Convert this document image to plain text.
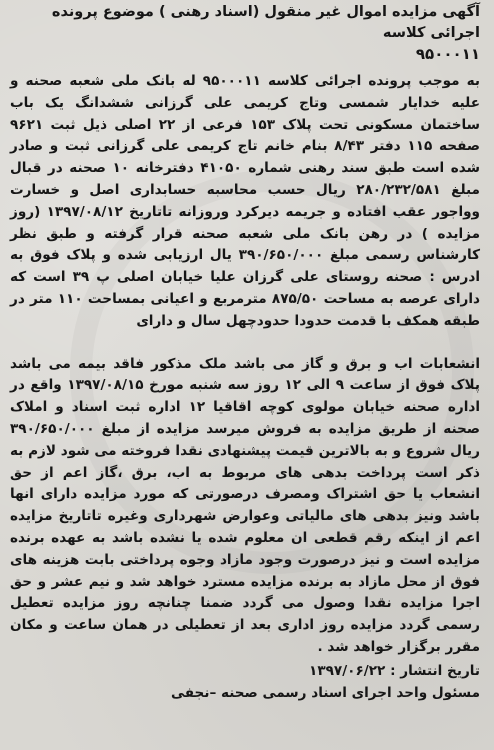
آگهی مزایده اموال غیر منقول (اسناد رهنی ) موضوع پرونده اجرائی کلاسه

۹۵۰۰۰۱۱

به موجب پرونده اجرائی کلاسه ۹۵۰۰۰۱۱ له بانک ملی شعبه صحنه و علیه خدایار شمسی وتاج کریمی علی گرزانی ششدانگ یک باب ساختمان مسکونی تحت پلاک ۱۵۳ فرعی از ۲۲ اصلی ذیل ثبت ۹۶۲۱ صفحه ۱۱۵ دفتر ۸/۴۳ بنام خانم تاج کریمی علی گرزانی ثبت و صادر شده است طبق سند رهنی شماره ۴۱۰۵۰ دفترخانه ۱۰ صحنه در قبال مبلغ ۲۸۰/۲۳۲/۵۸۱ ریال حسب محاسبه حسابداری اصل و خسارت وواجور عقب افتاده و جریمه دیرکرد وروزانه تاتاریخ ۱۳۹۷/۰۸/۱۲ (روز مزایده ) در رهن بانک ملی شعبه صحنه قرار گرفته و طبق نظر کارشناس رسمی مبلغ ۳۹۰/۶۵۰/۰۰۰ یال ارزیابی شده و پلاک فوق به ادرس : صحنه روستای علی گرزان علیا خیابان اصلی پ ۳۹ است که دارای عرصه به مساحت ۸۷۵/۵۰ مترمربع و اعیانی بمساحت ۱۱۰ متر در طبقه همکف با قدمت حدودا حدودچهل سال و دارای

انشعابات اب و برق و گاز می باشد ملک مذکور فاقد بیمه می باشد پلاک فوق از ساعت ۹ الی ۱۲ روز سه شنبه مورخ ۱۳۹۷/۰۸/۱۵ واقع در اداره صحنه خیابان مولوی کوچه اقاقیا ۱۲ اداره ثبت اسناد و املاک صحنه از طریق مزایده به فروش میرسد مزایده از مبلغ ۳۹۰/۶۵۰/۰۰۰ ریال شروع و به بالاترین قیمت پیشنهادی نقدا فروخته می شود لازم به ذکر است پرداخت بدهی های مربوط به اب، برق ،گاز اعم از حق انشعاب یا حق اشتراک ومصرف درصورتی که مورد مزایده دارای انها باشد ونیز بدهی های مالیاتی وعوارض شهرداری وغیره تاتاریخ مزایده اعم از اینکه رقم قطعی ان معلوم شده یا نشده باشد به عهده برنده مزایده است و نیز درصورت وجود مازاد وجوه پرداختی بابت هزینه های فوق از محل مازاد به برنده مزایده مسترد خواهد شد و نیم عشر و حق اجرا مزایده نقدا وصول می گردد ضمنا چنانچه روز مزایده تعطیل رسمی گردد مزایده روز اداری بعد از تعطیلی در همان ساعت و مکان مقرر برگزار خواهد شد .

تاریخ انتشار : ۱۳۹۷/۰۶/۲۲

مسئول واحد اجرای اسناد رسمی صحنه –نجفی
